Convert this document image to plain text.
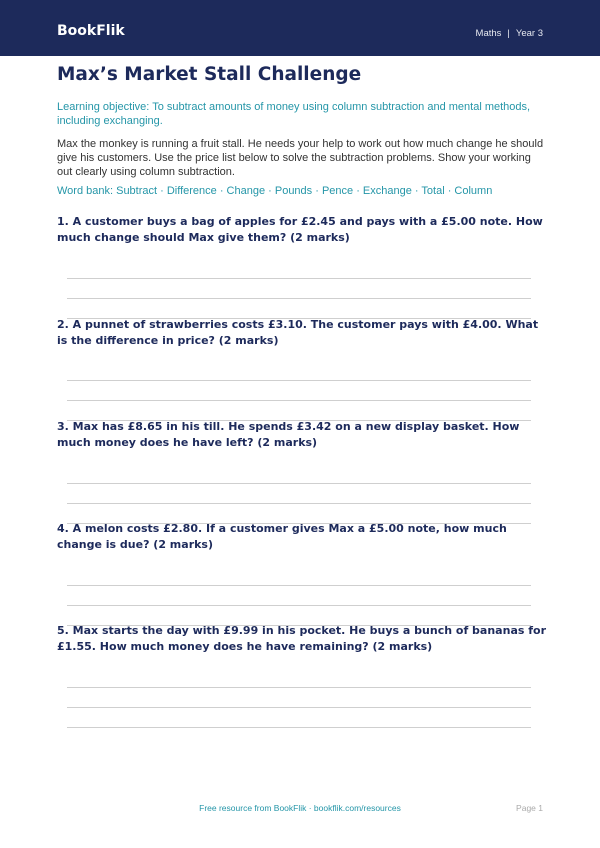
BookFlik	Maths | Year 3
Max’s Market Stall Challenge
Learning objective: To subtract amounts of money using column subtraction and mental methods, including exchanging.
Max the monkey is running a fruit stall. He needs your help to work out how much change he should give his customers. Use the price list below to solve the subtraction problems. Show your working out clearly using column subtraction.
Word bank: Subtract · Difference · Change · Pounds · Pence · Exchange · Total · Column
1. A customer buys a bag of apples for £2.45 and pays with a £5.00 note. How much change should Max give them? (2 marks)
2. A punnet of strawberries costs £3.10. The customer pays with £4.00. What is the difference in price? (2 marks)
3. Max has £8.65 in his till. He spends £3.42 on a new display basket. How much money does he have left? (2 marks)
4. A melon costs £2.80. If a customer gives Max a £5.00 note, how much change is due? (2 marks)
5. Max starts the day with £9.99 in his pocket. He buys a bunch of bananas for £1.55. How much money does he have remaining? (2 marks)
Free resource from BookFlik · bookflik.com/resources	Page 1
